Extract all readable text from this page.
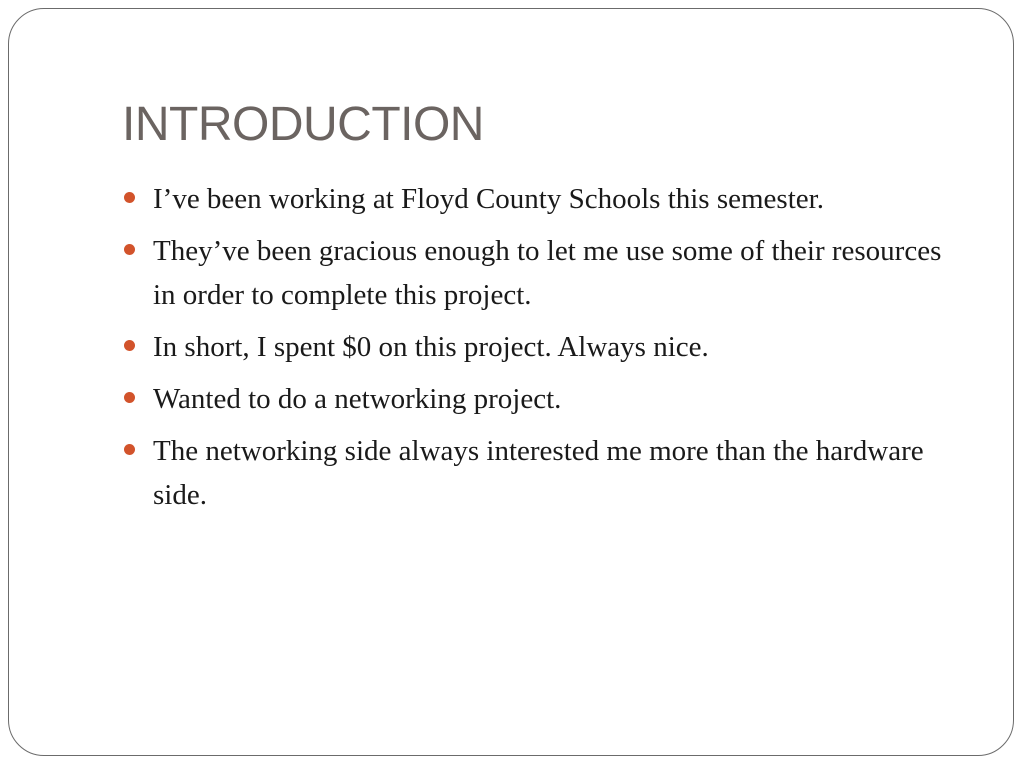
INTRODUCTION
I’ve been working at Floyd County Schools this semester.
They’ve been gracious enough to let me use some of their resources in order to complete this project.
In short, I spent $0 on this project. Always nice.
Wanted to do a networking project.
The networking side always interested me more than the hardware side.
